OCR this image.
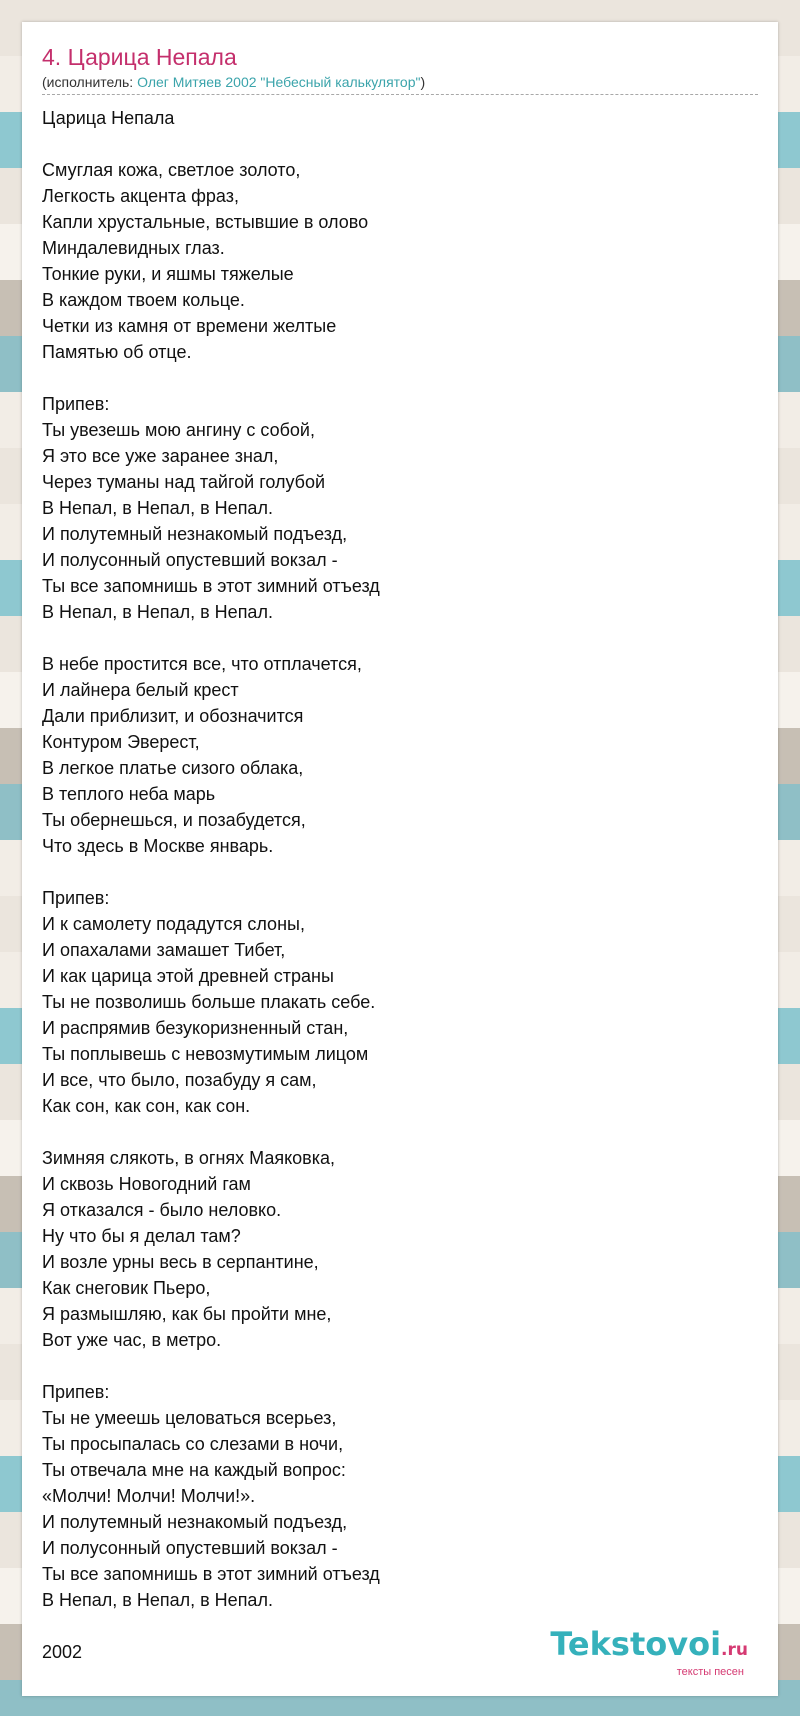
4. Царица Непала
(исполнитель: Олег Митяев 2002 "Небесный калькулятор")
Царица Непала
Смуглая кожа, светлое золото,
Легкость акцента фраз,
Капли хрустальные, встывшие в олово
Миндалевидных глаз.
Тонкие руки, и яшмы тяжелые
В каждом твоем кольце.
Четки из камня от времени желтые
Памятью об отце.
Припев:
Ты увезешь мою ангину с собой,
Я это все уже заранее знал,
Через туманы над тайгой голубой
В Непал, в Непал, в Непал.
И полутемный незнакомый подъезд,
И полусонный опустевший вокзал -
Ты все запомнишь в этот зимний отъезд
В Непал, в Непал, в Непал.
В небе простится все, что отплачется,
И лайнера белый крест
Дали приблизит, и обозначится
Контуром Эверест,
В легкое платье сизого облака,
В теплого неба марь
Ты обернешься, и позабудется,
Что здесь в Москве январь.
Припев:
И к самолету подадутся слоны,
И опахалами замашет Тибет,
И как царица этой древней страны
Ты не позволишь больше плакать себе.
И распрямив безукоризненный стан,
Ты поплывешь с невозмутимым лицом
И все, что было, позабуду я сам,
Как сон, как сон, как сон.
Зимняя слякоть, в огнях Маяковка,
И сквозь Новогодний гам
Я отказался - было неловко.
Ну что бы я делал там?
И возле урны весь в серпантине,
Как снеговик Пьеро,
Я размышляю, как бы пройти мне,
Вот уже час, в метро.
Припев:
Ты не умеешь целоваться всерьез,
Ты просыпалась со слезами в ночи,
Ты отвечала мне на каждый вопрос:
«Молчи! Молчи! Молчи!».
И полутемный незнакомый подъезд,
И полусонный опустевший вокзал -
Ты все запомнишь в этот зимний отъезд
В Непал, в Непал, в Непал.
2002	Tekstovoi.ru
тексты песен
